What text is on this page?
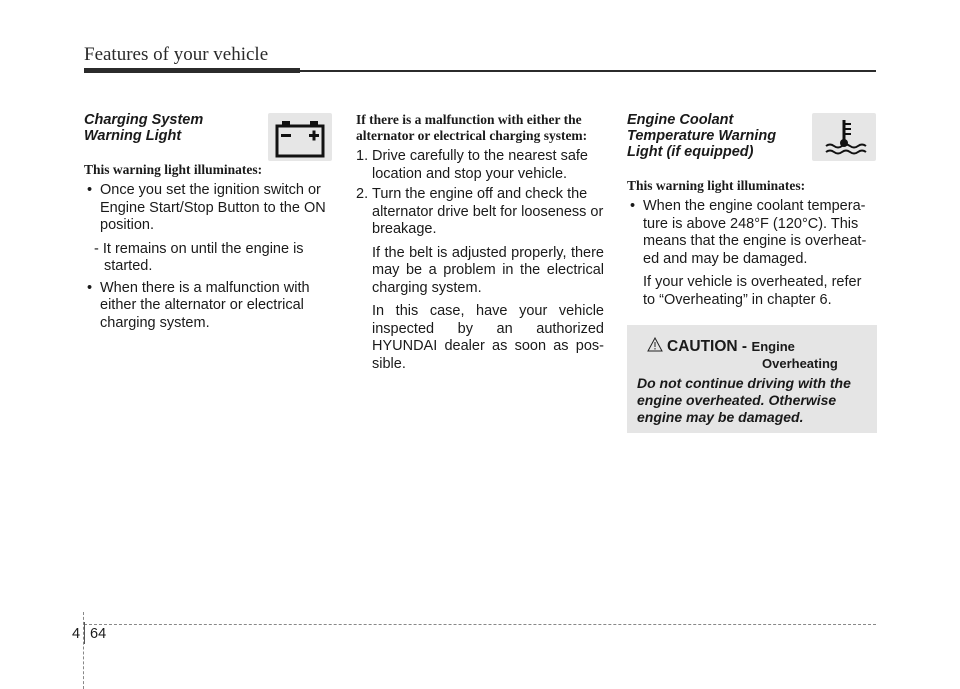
Features of your vehicle
Charging System
Warning Light
This warning light illuminates:
• Once you set the ignition switch or Engine Start/Stop Button to the ON position.
- It remains on until the engine is started.
• When there is a malfunction with either the alternator or electrical charging system.
If there is a malfunction with either the alternator or electrical charging system:
1. Drive carefully to the nearest safe location and stop your vehicle.
2. Turn the engine off and check the alternator drive belt for looseness or breakage.
If the belt is adjusted properly, there may be a problem in the electrical charging system.
In this case, have your vehicle inspected by an authorized HYUNDAI dealer as soon as pos-sible.
Engine Coolant
Temperature Warning
Light (if equipped)
This warning light illuminates:
• When the engine coolant tempera-ture is above 248°F (120°C). This means that the engine is overheat-ed and may be damaged.
If your vehicle is overheated, refer to “Overheating” in chapter 6.
CAUTION - Engine
Overheating
Do not continue driving with the engine overheated. Otherwise engine may be damaged.
4 64
